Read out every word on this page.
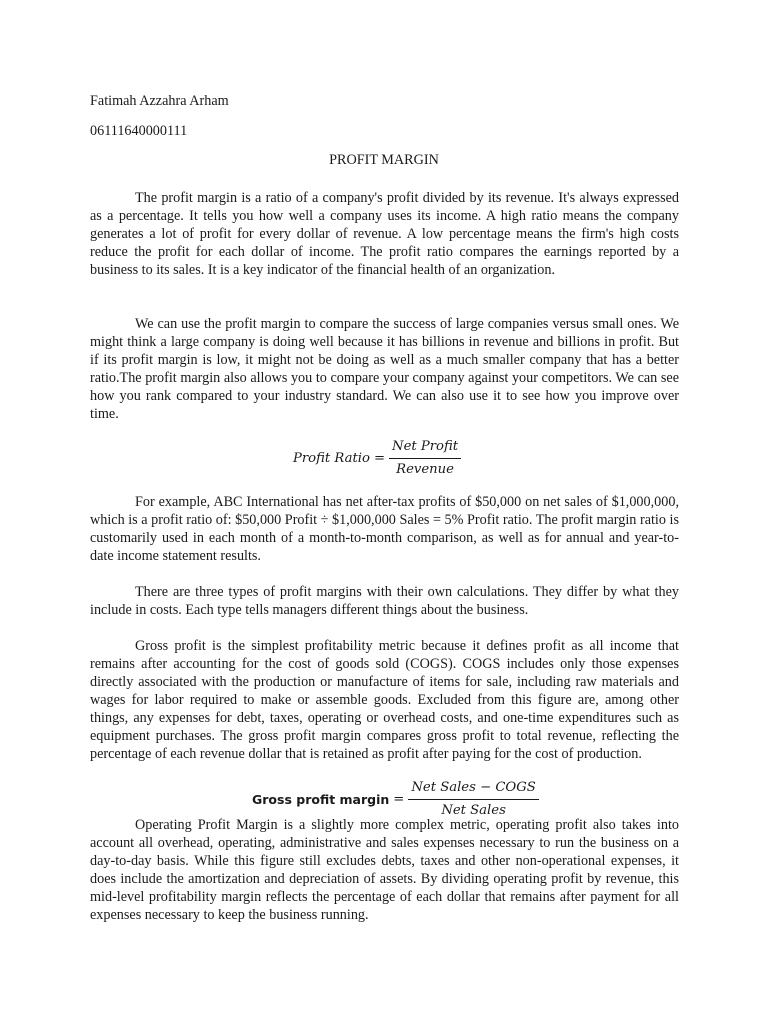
Fatimah Azzahra Arham
06111640000111
PROFIT MARGIN

The profit margin is a ratio of a company's profit divided by its revenue. It's always expressed as a percentage. It tells you how well a company uses its income. A high ratio means the company generates a lot of profit for every dollar of revenue. A low percentage means the firm's high costs reduce the profit for each dollar of income. The profit ratio compares the earnings reported by a business to its sales. It is a key indicator of the financial health of an organization.

We can use the profit margin to compare the success of large companies versus small ones. We might think a large company is doing well because it has billions in revenue and billions in profit. But if its profit margin is low, it might not be doing as well as a much smaller company that has a better ratio.The profit margin also allows you to compare your company against your competitors. We can see how you rank compared to your industry standard. We can also use it to see how you improve over time.

Profit Ratio = $\frac{\text{Net Profit}}{\text{Revenue}}$

For example, ABC International has net after-tax profits of $50,000 on net sales of $1,000,000, which is a profit ratio of: $50,000 Profit ÷ $1,000,000 Sales = 5% Profit ratio. The profit margin ratio is customarily used in each month of a month-to-month comparison, as well as for annual and year-to-date income statement results.

There are three types of profit margins with their own calculations. They differ by what they include in costs. Each type tells managers different things about the business.

Gross profit is the simplest profitability metric because it defines profit as all income that remains after accounting for the cost of goods sold (COGS). COGS includes only those expenses directly associated with the production or manufacture of items for sale, including raw materials and wages for labor required to make or assemble goods. Excluded from this figure are, among other things, any expenses for debt, taxes, operating or overhead costs, and one-time expenditures such as equipment purchases. The gross profit margin compares gross profit to total revenue, reflecting the percentage of each revenue dollar that is retained as profit after paying for the cost of production.

Gross profit margin = $\frac{\text{Net Sales − COGS}}{\text{Net Sales}}$

Operating Profit Margin is a slightly more complex metric, operating profit also takes into account all overhead, operating, administrative and sales expenses necessary to run the business on a day-to-day basis. While this figure still excludes debts, taxes and other non-operational expenses, it does include the amortization and depreciation of assets. By dividing operating profit by revenue, this mid-level profitability margin reflects the percentage of each dollar that remains after payment for all expenses necessary to keep the business running.
